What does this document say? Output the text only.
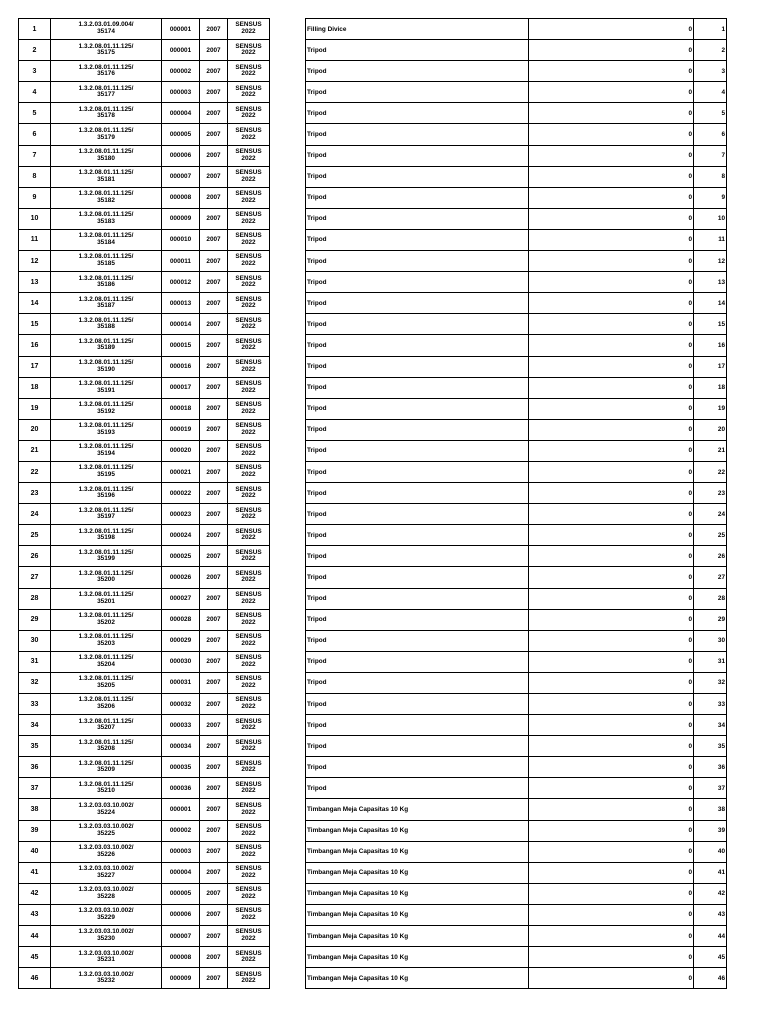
1	1.3.2.03.01.09.004/
35174	000001	2007	SENSUS
2022

2	1.3.2.08.01.11.125/
35175	000001	2007	SENSUS
2022

3	1.3.2.08.01.11.125/
35176	000002	2007	SENSUS
2022

4	1.3.2.08.01.11.125/
35177	000003	2007	SENSUS
2022

5	1.3.2.08.01.11.125/
35178	000004	2007	SENSUS
2022

6	1.3.2.08.01.11.125/
35179	000005	2007	SENSUS
2022

7	1.3.2.08.01.11.125/
35180	000006	2007	SENSUS
2022

8	1.3.2.08.01.11.125/
35181	000007	2007	SENSUS
2022

9	1.3.2.08.01.11.125/
35182	000008	2007	SENSUS
2022

10	1.3.2.08.01.11.125/
35183	000009	2007	SENSUS
2022

11	1.3.2.08.01.11.125/
35184	000010	2007	SENSUS
2022

12	1.3.2.08.01.11.125/
35185	000011	2007	SENSUS
2022

13	1.3.2.08.01.11.125/
35186	000012	2007	SENSUS
2022

14	1.3.2.08.01.11.125/
35187	000013	2007	SENSUS
2022

15	1.3.2.08.01.11.125/
35188	000014	2007	SENSUS
2022

16	1.3.2.08.01.11.125/
35189	000015	2007	SENSUS
2022

17	1.3.2.08.01.11.125/
35190	000016	2007	SENSUS
2022

18	1.3.2.08.01.11.125/
35191	000017	2007	SENSUS
2022

19	1.3.2.08.01.11.125/
35192	000018	2007	SENSUS
2022

20	1.3.2.08.01.11.125/
35193	000019	2007	SENSUS
2022

21	1.3.2.08.01.11.125/
35194	000020	2007	SENSUS
2022

22	1.3.2.08.01.11.125/
35195	000021	2007	SENSUS
2022

23	1.3.2.08.01.11.125/
35196	000022	2007	SENSUS
2022

24	1.3.2.08.01.11.125/
35197	000023	2007	SENSUS
2022

25	1.3.2.08.01.11.125/
35198	000024	2007	SENSUS
2022

26	1.3.2.08.01.11.125/
35199	000025	2007	SENSUS
2022

27	1.3.2.08.01.11.125/
35200	000026	2007	SENSUS
2022

28	1.3.2.08.01.11.125/
35201	000027	2007	SENSUS
2022

29	1.3.2.08.01.11.125/
35202	000028	2007	SENSUS
2022

30	1.3.2.08.01.11.125/
35203	000029	2007	SENSUS
2022

31	1.3.2.08.01.11.125/
35204	000030	2007	SENSUS
2022

32	1.3.2.08.01.11.125/
35205	000031	2007	SENSUS
2022

33	1.3.2.08.01.11.125/
35206	000032	2007	SENSUS
2022

34	1.3.2.08.01.11.125/
35207	000033	2007	SENSUS
2022

35	1.3.2.08.01.11.125/
35208	000034	2007	SENSUS
2022

36	1.3.2.08.01.11.125/
35209	000035	2007	SENSUS
2022

37	1.3.2.08.01.11.125/
35210	000036	2007	SENSUS
2022

38	1.3.2.03.03.10.002/
35224	000001	2007	SENSUS
2022

39	1.3.2.03.03.10.002/
35225	000002	2007	SENSUS
2022

40	1.3.2.03.03.10.002/
35226	000003	2007	SENSUS
2022

41	1.3.2.03.03.10.002/
35227	000004	2007	SENSUS
2022

42	1.3.2.03.03.10.002/
35228	000005	2007	SENSUS
2022

43	1.3.2.03.03.10.002/
35229	000006	2007	SENSUS
2022

44	1.3.2.03.03.10.002/
35230	000007	2007	SENSUS
2022

45	1.3.2.03.03.10.002/
35231	000008	2007	SENSUS
2022

46	1.3.2.03.03.10.002/
35232	000009	2007	SENSUS
2022
Filling Divice	0	1
Tripod	0	2
Tripod	0	3
Tripod	0	4
Tripod	0	5
Tripod	0	6
Tripod	0	7
Tripod	0	8
Tripod	0	9
Tripod	0	10
Tripod	0	11
Tripod	0	12
Tripod	0	13
Tripod	0	14
Tripod	0	15
Tripod	0	16
Tripod	0	17
Tripod	0	18
Tripod	0	19
Tripod	0	20
Tripod	0	21
Tripod	0	22
Tripod	0	23
Tripod	0	24
Tripod	0	25
Tripod	0	26
Tripod	0	27
Tripod	0	28
Tripod	0	29
Tripod	0	30
Tripod	0	31
Tripod	0	32
Tripod	0	33
Tripod	0	34
Tripod	0	35
Tripod	0	36
Tripod	0	37
Timbangan Meja Capasitas 10 Kg	0	38
Timbangan Meja Capasitas 10 Kg	0	39
Timbangan Meja Capasitas 10 Kg	0	40
Timbangan Meja Capasitas 10 Kg	0	41
Timbangan Meja Capasitas 10 Kg	0	42
Timbangan Meja Capasitas 10 Kg	0	43
Timbangan Meja Capasitas 10 Kg	0	44
Timbangan Meja Capasitas 10 Kg	0	45
Timbangan Meja Capasitas 10 Kg	0	46
